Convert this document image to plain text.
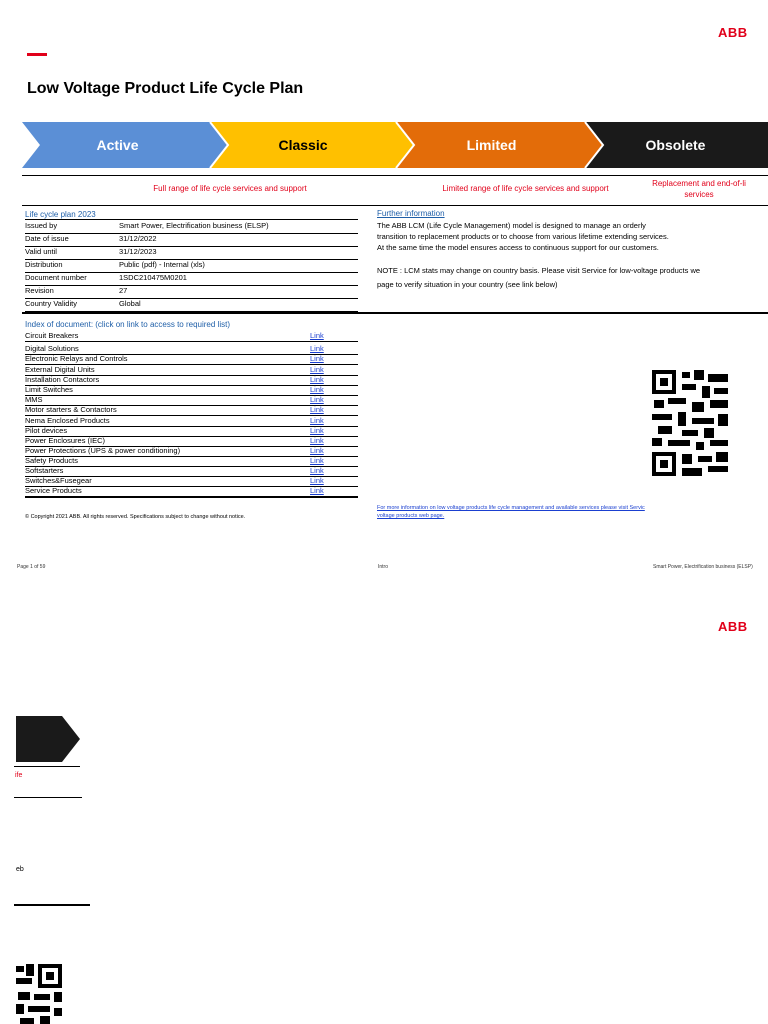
ABB
Low Voltage Product Life Cycle Plan
Active	Classic	Limited	Obsolete
Full range of life cycle services and support	Limited range of life cycle services and support
Replacement and end-of-li
services
Life cycle plan 2023
Issued by	Smart Power, Electrification business (ELSP)
Date of issue	31/12/2022
Valid until	31/12/2023
Distribution	Public (pdf) - Internal (xls)
Document number	1SDC210475M0201
Revision	27
Country Validity	Global
Further information
The ABB LCM (Life Cycle Management) model is designed to manage an orderly
transition to replacement products or to choose from various lifetime extending services.
At the same time the model ensures access to continuous support for our customers.
NOTE : LCM stats may change on country basis. Please visit Service for low-voltage products we
page to verify situation in your country (see link below)
Index of document: (click on link to access to required list)
Circuit Breakers	Link
Digital Solutions	Link
Electronic Relays and Controls	Link
External Digital Units	Link
Installation Contactors	Link
Limit Switches	Link
MMS	Link
Motor starters & Contactors	Link
Nema Enclosed Products	Link
Pilot devices	Link
Power Enclosures (IEC)	Link
Power Protections (UPS & power conditioning)	Link
Safety Products	Link
Softstarters	Link
Switches&Fusegear	Link
Service Products	Link
© Copyright 2021 ABB. All rights reserved. Specifications subject to change without notice.
For more information on low voltage products life cycle management and available services please visit Servic
voltage products web page.
Page 1 of 59	Intro	Smart Power, Electrification business (ELSP)
ABB
ife
eb
